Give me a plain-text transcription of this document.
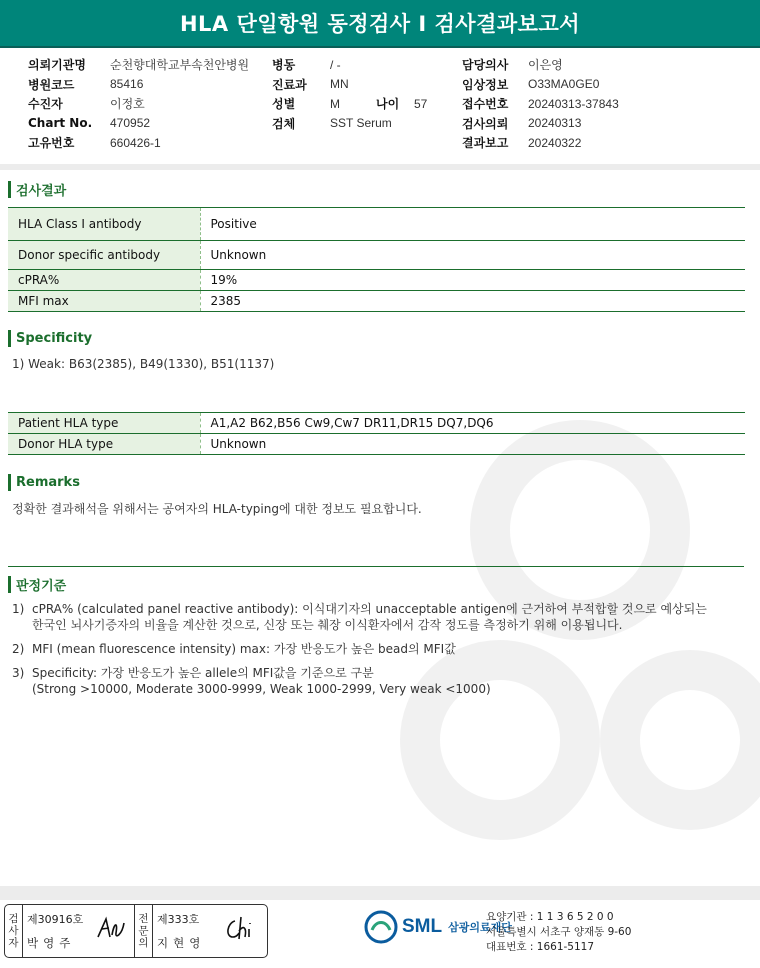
HLA 단일항원 동정검사 I 검사결과보고서
의뢰기관명	순천향대학교부속천안병원
병원코드	85416
수진자	이정호
Chart No.	470952
고유번호	660426-1
병동	/ -
진료과	MN
성별	M	나이	57
검체	SST Serum
담당의사	이은영
임상정보	O33MA0GE0
접수번호	20240313-37843
검사의뢰	20240313
결과보고	20240322
검사결과
HLA Class I antibody	Positive
Donor specific antibody	Unknown
cPRA%	19%
MFI max	2385
Specificity
1) Weak: B63(2385), B49(1330), B51(1137)
Patient HLA type	A1,A2 B62,B56 Cw9,Cw7 DR11,DR15 DQ7,DQ6
Donor HLA type	Unknown
Remarks
정확한 결과해석을 위해서는 공여자의 HLA-typing에 대한 정보도 필요합니다.
판정기준
1) cPRA% (calculated panel reactive antibody): 이식대기자의 unacceptable antigen에 근거하여 부적합할 것으로 예상되는
한국인 뇌사기증자의 비율을 계산한 것으로, 신장 또는 췌장 이식환자에서 감작 정도를 측정하기 위해 이용됩니다.
2) MFI (mean fluorescence intensity) max: 가장 반응도가 높은 bead의 MFI값
3) Specificity: 가장 반응도가 높은 allele의 MFI값을 기준으로 구분
(Strong >10000, Moderate 3000-9999, Weak 1000-2999, Very weak <1000)
검
사
자
제30916호
박영주
전
문
의
제333호
지현영
SML 삼광의료재단
요양기관 : 1 1 3 6 5 2 0 0
서울특별시 서초구 양재동 9-60
대표번호 : 1661-5117
